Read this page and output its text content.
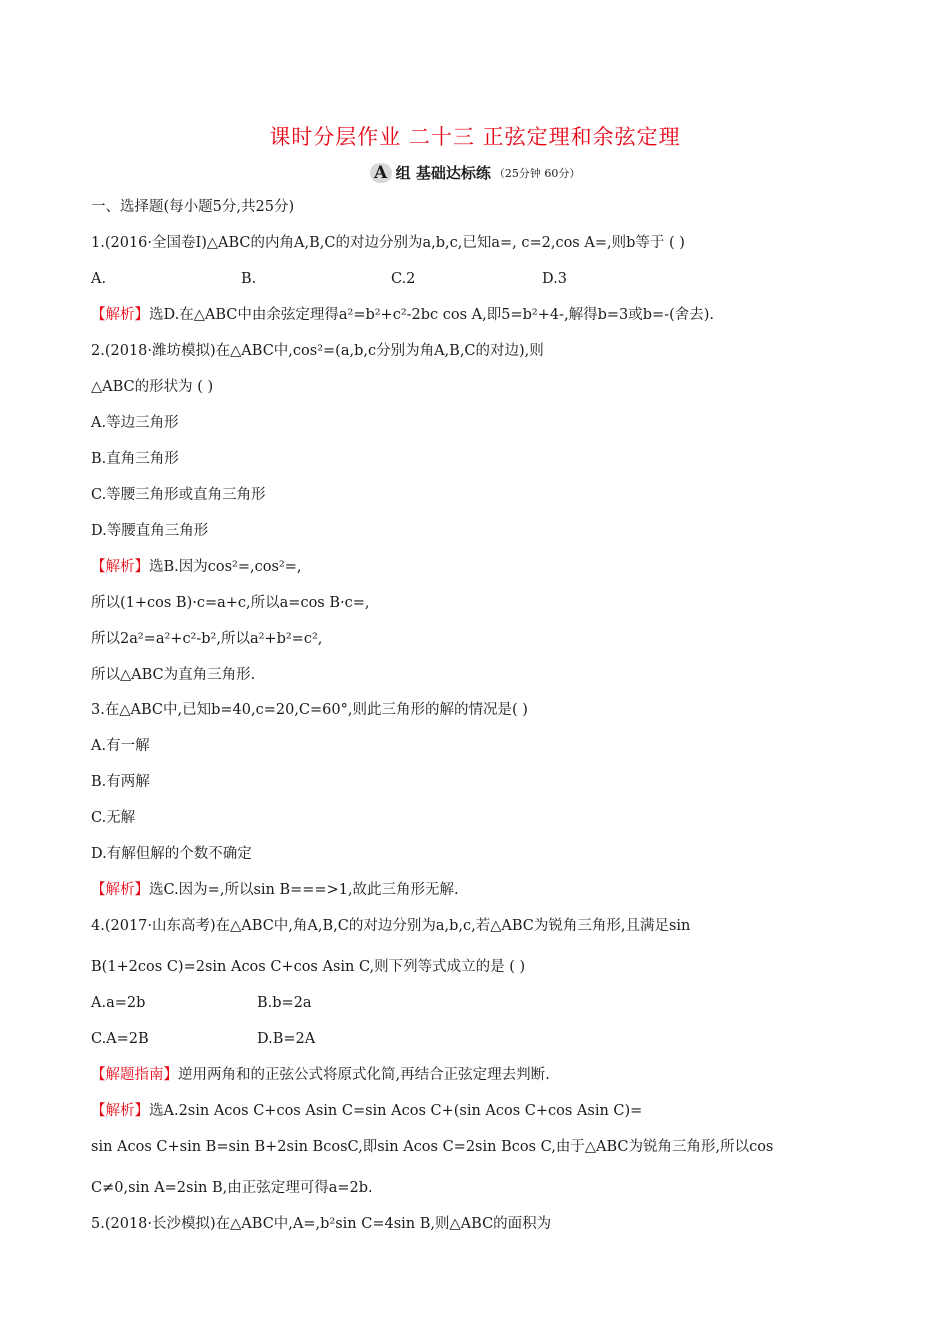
课时分层作业 二十三 正弦定理和余弦定理
A 组 基础达标练 （25分钟 60分）
一、选择题(每小题5分,共25分)
1.(2016·全国卷Ⅰ)△ABC的内角A,B,C的对边分别为a,b,c,已知a=, c=2,cos A=,则b等于 ( )
A.	B.	C.2	D.3
【解析】选D.在△ABC中由余弦定理得a²=b²+c²-2bc cos A,即5=b²+4-,解得b=3或b=-(舍去).
2.(2018·潍坊模拟)在△ABC中,cos²=(a,b,c分别为角A,B,C的对边),则
△ABC的形状为 ( )
A.等边三角形
B.直角三角形
C.等腰三角形或直角三角形
D.等腰直角三角形
【解析】选B.因为cos²=,cos²=,
所以(1+cos B)·c=a+c,所以a=cos B·c=,
所以2a²=a²+c²-b²,所以a²+b²=c²,
所以△ABC为直角三角形.
3.在△ABC中,已知b=40,c=20,C=60°,则此三角形的解的情况是( )
A.有一解
B.有两解
C.无解
D.有解但解的个数不确定
【解析】选C.因为=,所以sin B===>1,故此三角形无解.
4.(2017·山东高考)在△ABC中,角A,B,C的对边分别为a,b,c,若△ABC为锐角三角形,且满足sin
B(1+2cos C)=2sin Acos C+cos Asin C,则下列等式成立的是 ( )
A.a=2b	B.b=2a
C.A=2B	D.B=2A
【解题指南】逆用两角和的正弦公式将原式化简,再结合正弦定理去判断.
【解析】选A.2sin Acos C+cos Asin C=sin Acos C+(sin Acos C+cos Asin C)=
sin Acos C+sin B=sin B+2sin BcosC,即sin Acos C=2sin Bcos C,由于△ABC为锐角三角形,所以cos
C≠0,sin A=2sin B,由正弦定理可得a=2b.
5.(2018·长沙模拟)在△ABC中,A=,b²sin C=4sin B,则△ABC的面积为
